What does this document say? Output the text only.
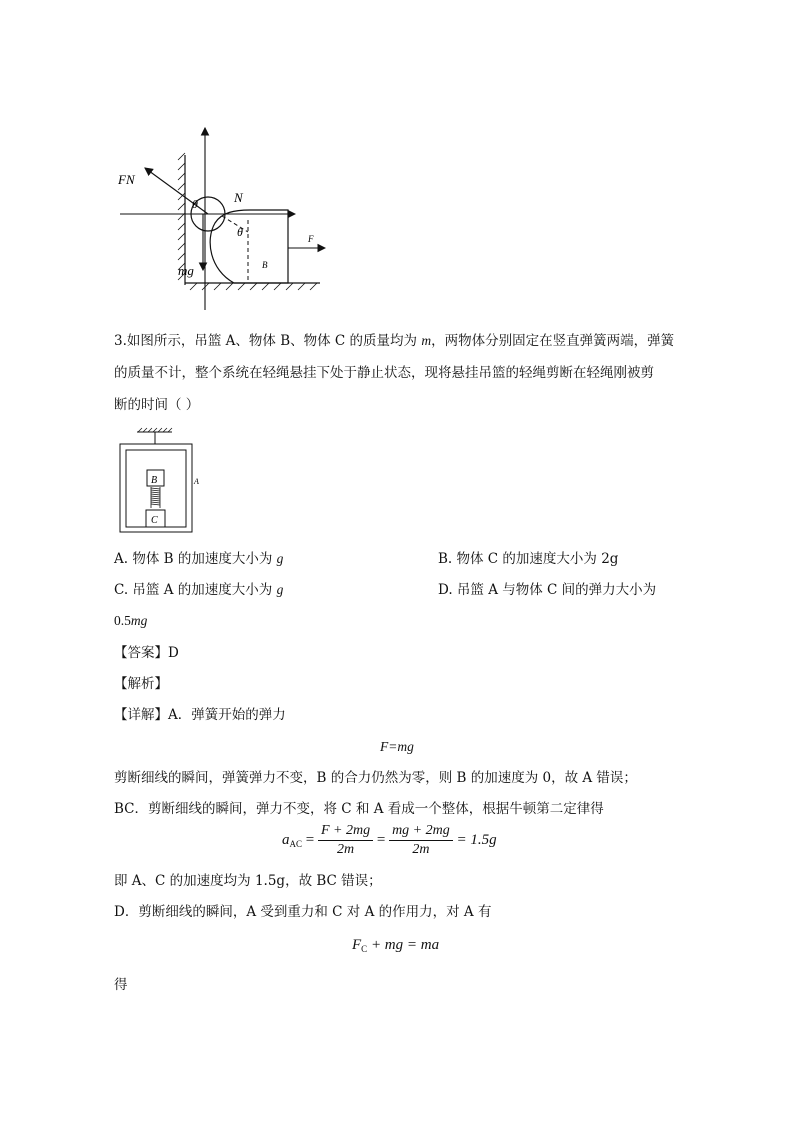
FN
θ	N
θ	F
mg	B
3.如图所示，吊篮 A、物体 B、物体 C 的质量均为 m，两物体分别固定在竖直弹簧两端，弹簧
的质量不计，整个系统在轻绳悬挂下处于静止状态，现将悬挂吊篮的轻绳剪断在轻绳刚被剪
断的时间（ ）
B
C
A
A. 物体 B 的加速度大小为 g	B. 物体 C 的加速度大小为 2g
C. 吊篮 A 的加速度大小为 g	D. 吊篮 A 与物体 C 间的弹力大小为
0.5mg
【答案】D
【解析】
【详解】A．弹簧开始的弹力
F=mg
剪断细线的瞬间，弹簧弹力不变，B 的合力仍然为零，则 B 的加速度为 0，故 A 错误；
BC．剪断细线的瞬间，弹力不变，将 C 和 A 看成一个整体，根据牛顿第二定律得
$a_{AC} = \frac{F + 2mg}{2m} = \frac{mg + 2mg}{2m} = 1.5g$
即 A、C 的加速度均为 1.5g，故 BC 错误；
D．剪断细线的瞬间，A 受到重力和 C 对 A 的作用力，对 A 有
$F_C$ + mg = ma
得
